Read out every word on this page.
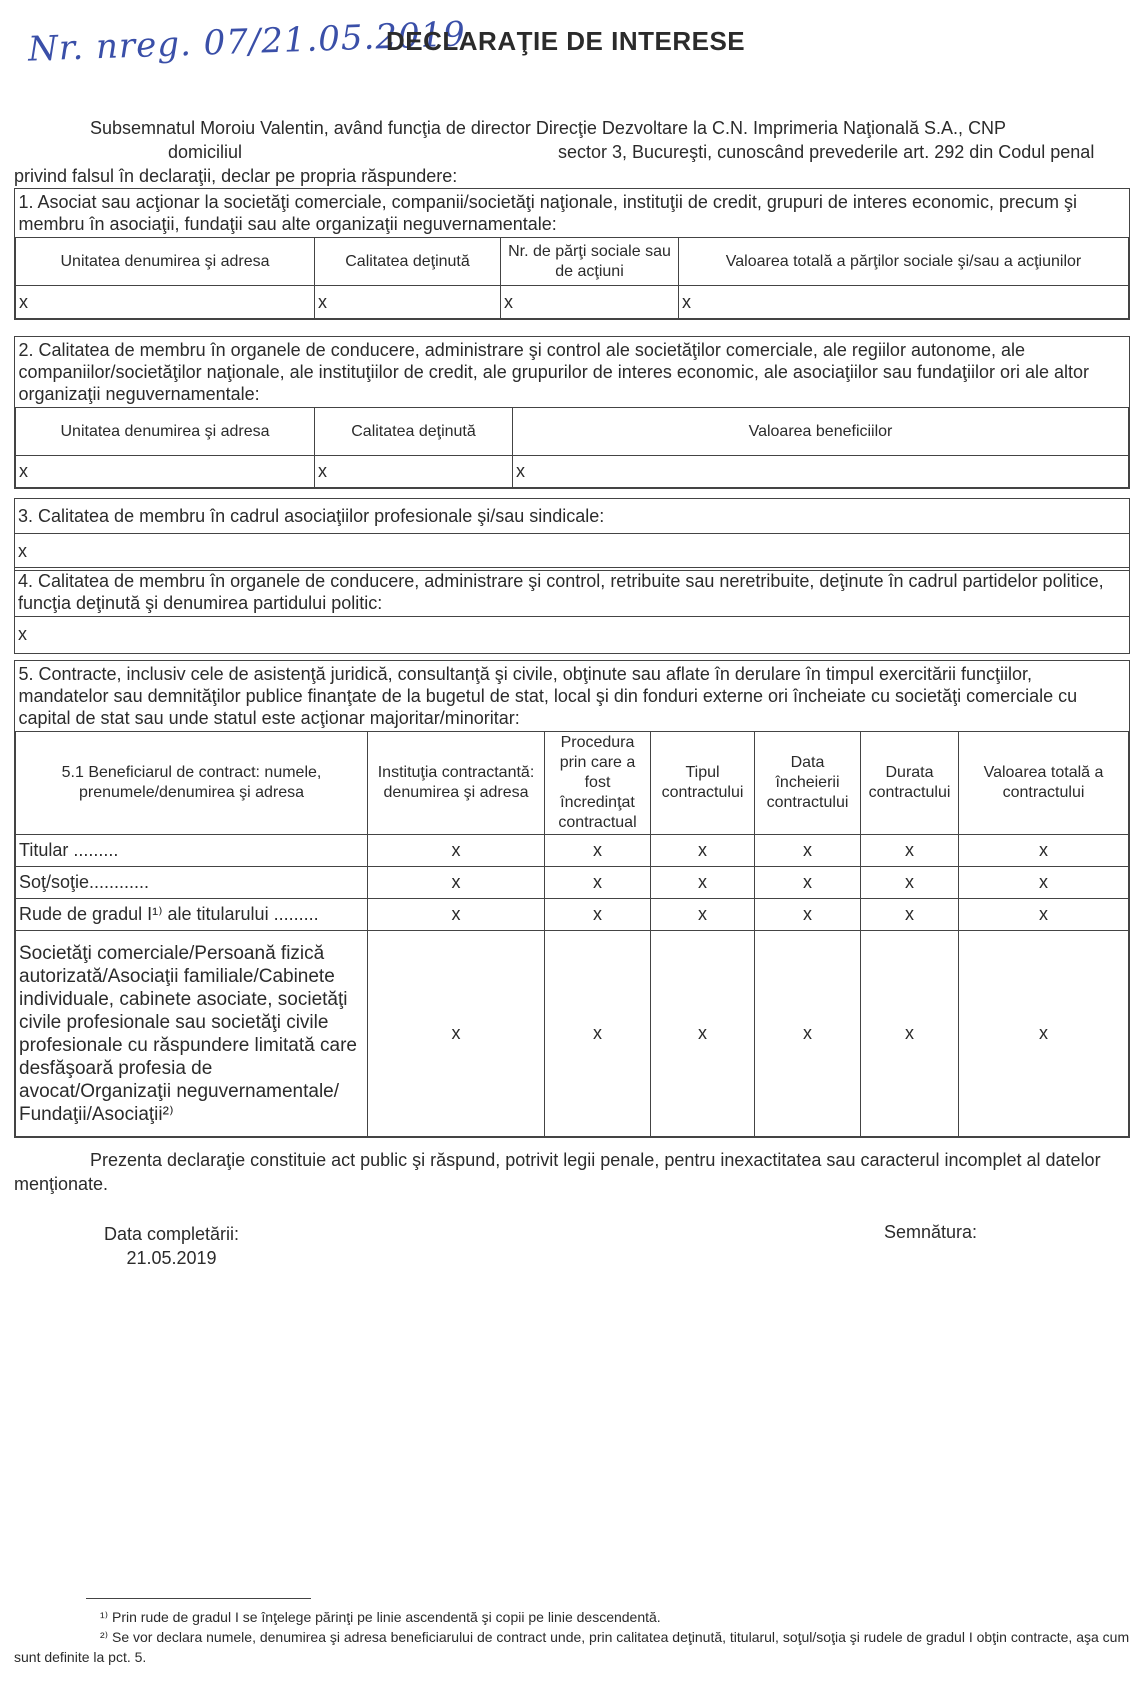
Nr. nreg. 07/21.05.2019
DECLARAŢIE DE INTERESE
Subsemnatul Moroiu Valentin, având funcţia de director Direcţie Dezvoltare la C.N. Imprimeria Naţională S.A., CNP
domiciliul	sector 3, Bucureşti, cunoscând prevederile art. 292 din Codul penal
privind falsul în declaraţii, declar pe propria răspundere:
1. Asociat sau acţionar la societăţi comerciale, companii/societăţi naţionale, instituţii de credit, grupuri de interes economic, precum şi membru în asociaţii, fundaţii sau alte organizaţii neguvernamentale:			
Unitatea denumirea şi adresa	Calitatea deţinută	Nr. de părţi sociale sau de acţiuni	Valoarea totală a părţilor sociale şi/sau a acţiunilor
x	x	x	x
2. Calitatea de membru în organele de conducere, administrare şi control ale societăţilor comerciale, ale regiilor autonome, ale companiilor/societăţilor naţionale, ale instituţiilor de credit, ale grupurilor de interes economic, ale asociaţiilor sau fundaţiilor ori ale altor organizaţii neguvernamentale:		
Unitatea denumirea şi adresa	Calitatea deţinută	Valoarea beneficiilor
x	x	x
3. Calitatea de membru în cadrul asociaţiilor profesionale şi/sau sindicale:
x
4. Calitatea de membru în organele de conducere, administrare şi control, retribuite sau neretribuite, deţinute în cadrul partidelor politice, funcţia deţinută şi denumirea partidului politic:
x
5. Contracte, inclusiv cele de asistenţă juridică, consultanţă şi civile, obţinute sau aflate în derulare în timpul exercitării funcţiilor, mandatelor sau demnităţilor publice finanţate de la bugetul de stat, local şi din fonduri externe ori încheiate cu societăţi comerciale cu capital de stat sau unde statul este acţionar majoritar/minoritar:						
5.1 Beneficiarul de contract: numele, prenumele/denumirea şi adresa	Instituţia contractantă: denumirea şi adresa	Procedura prin care a fost încredinţat contractual	Tipul contractului	Data încheierii contractului	Durata contractului	Valoarea totală a contractului
Titular .........	x	x	x	x	x	x
Soţ/soţie............	x	x	x	x	x	x
Rude de gradul I¹⁾ ale titularului .........	x	x	x	x	x	x
Societăţi comerciale/Persoană fizică autorizată/Asociaţii familiale/Cabinete individuale, cabinete asociate, societăţi civile profesionale sau societăţi civile profesionale cu răspundere limitată care desfăşoară profesia de avocat/Organizaţii neguvernamentale/ Fundaţii/Asociaţii²⁾	x	x	x	x	x	x
Prezenta declaraţie constituie act public şi răspund, potrivit legii penale, pentru inexactitatea sau caracterul incomplet al datelor menţionate.
Data completării:
21.05.2019
Semnătura:
¹⁾ Prin rude de gradul I se înţelege părinţi pe linie ascendentă şi copii pe linie descendentă.
²⁾ Se vor declara numele, denumirea şi adresa beneficiarului de contract unde, prin calitatea deţinută, titularul, soţul/soţia şi rudele de gradul I obţin contracte, aşa cum sunt definite la pct. 5.
